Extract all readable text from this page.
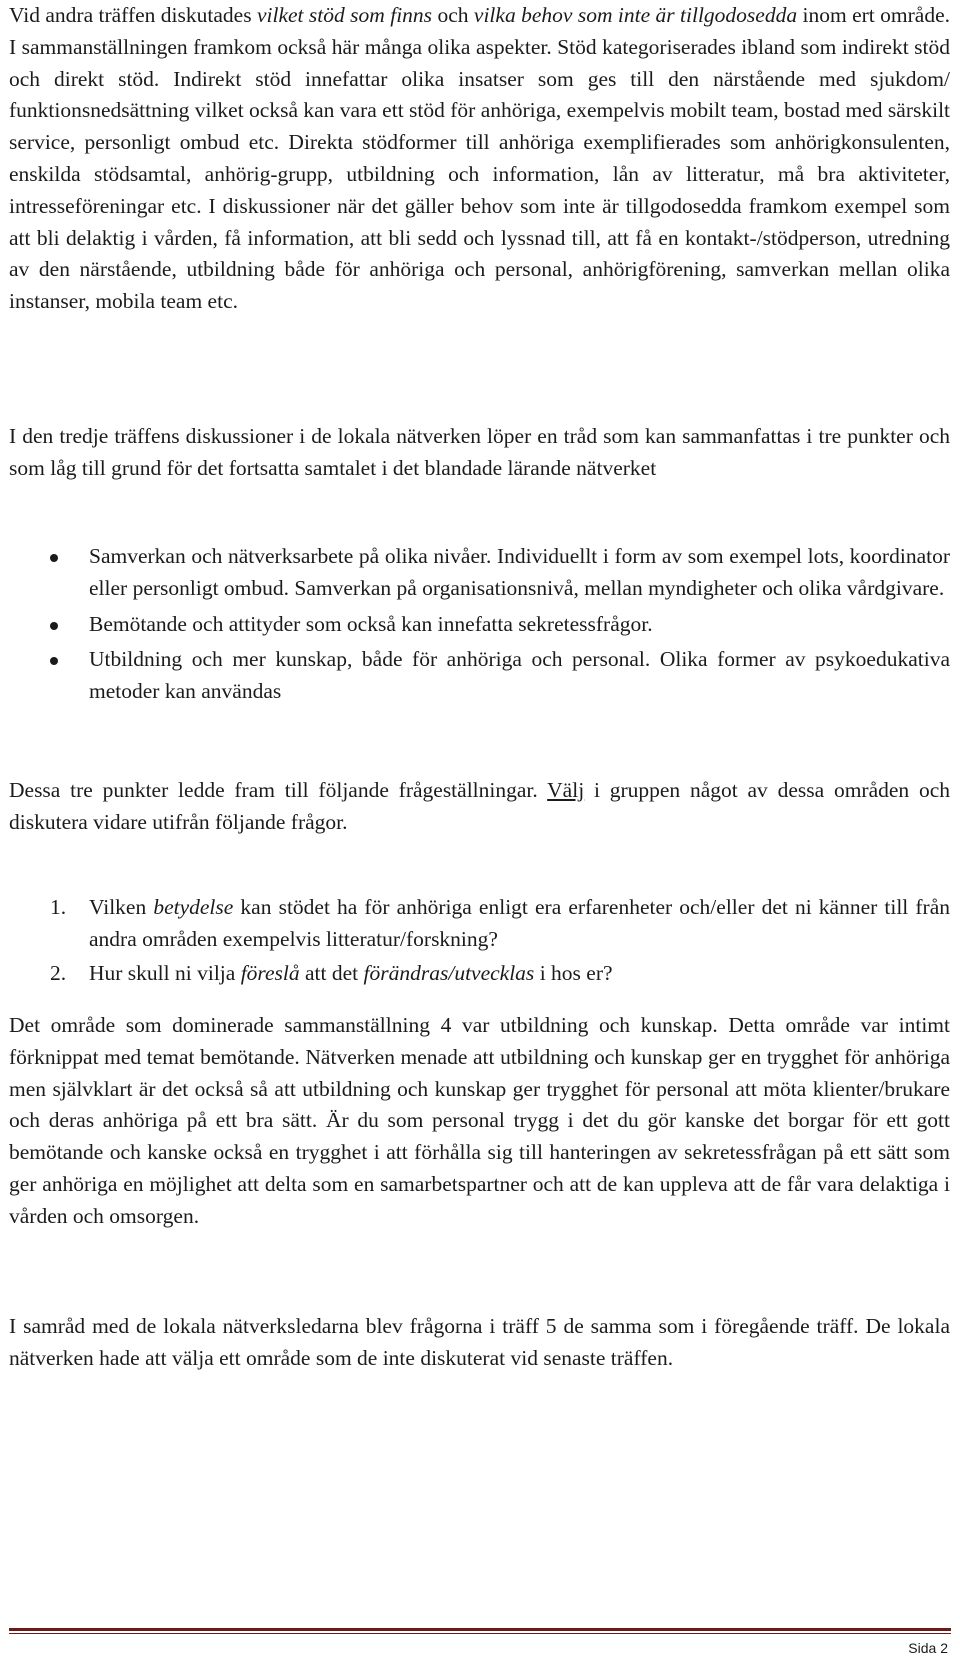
Vid andra träffen diskutades vilket stöd som finns och vilka behov som inte är tillgodosedda inom ert område. I sammanställningen framkom också här många olika aspekter. Stöd kategoriserades ibland som indirekt stöd och direkt stöd. Indirekt stöd innefattar olika insatser som ges till den närstående med sjukdom/ funktionsnedsättning vilket också kan vara ett stöd för anhöriga, exempelvis mobilt team, bostad med särskilt service, personligt ombud etc. Direkta stödformer till anhöriga exemplifierades som anhörigkonsulenten, enskilda stödsamtal, anhörig-grupp, utbildning och information, lån av litteratur, må bra aktiviteter, intresseföreningar etc. I diskussioner när det gäller behov som inte är tillgodosedda framkom exempel som att bli delaktig i vården, få information, att bli sedd och lyssnad till, att få en kontakt-/stödperson, utredning av den närstående, utbildning både för anhöriga och personal, anhörigförening, samverkan mellan olika instanser, mobila team etc.

I den tredje träffens diskussioner i de lokala nätverken löper en tråd som kan sammanfattas i tre punkter och som låg till grund för det fortsatta samtalet i det blandade lärande nätverket

Samverkan och nätverksarbete på olika nivåer. Individuellt i form av som exempel lots, koordinator eller personligt ombud. Samverkan på organisationsnivå, mellan myndigheter och olika vårdgivare.
Bemötande och attityder som också kan innefatta sekretessfrågor.
Utbildning och mer kunskap, både för anhöriga och personal. Olika former av psykoedukativa metoder kan användas

Dessa tre punkter ledde fram till följande frågeställningar. Välj i gruppen något av dessa områden och diskutera vidare utifrån följande frågor.

1. Vilken betydelse kan stödet ha för anhöriga enligt era erfarenheter och/eller det ni känner till från andra områden exempelvis litteratur/forskning?
2. Hur skull ni vilja föreslå att det förändras/utvecklas i hos er?

Det område som dominerade sammanställning 4 var utbildning och kunskap. Detta område var intimt förknippat med temat bemötande. Nätverken menade att utbildning och kunskap ger en trygghet för anhöriga men självklart är det också så att utbildning och kunskap ger trygghet för personal att möta klienter/brukare och deras anhöriga på ett bra sätt. Är du som personal trygg i det du gör kanske det borgar för ett gott bemötande och kanske också en trygghet i att förhålla sig till hanteringen av sekretessfrågan på ett sätt som ger anhöriga en möjlighet att delta som en samarbetspartner och att de kan uppleva att de får vara delaktiga i vården och omsorgen.

I samråd med de lokala nätverksledarna blev frågorna i träff 5 de samma som i föregående träff. De lokala nätverken hade att välja ett område som de inte diskuterat vid senaste träffen.

Sida 2
